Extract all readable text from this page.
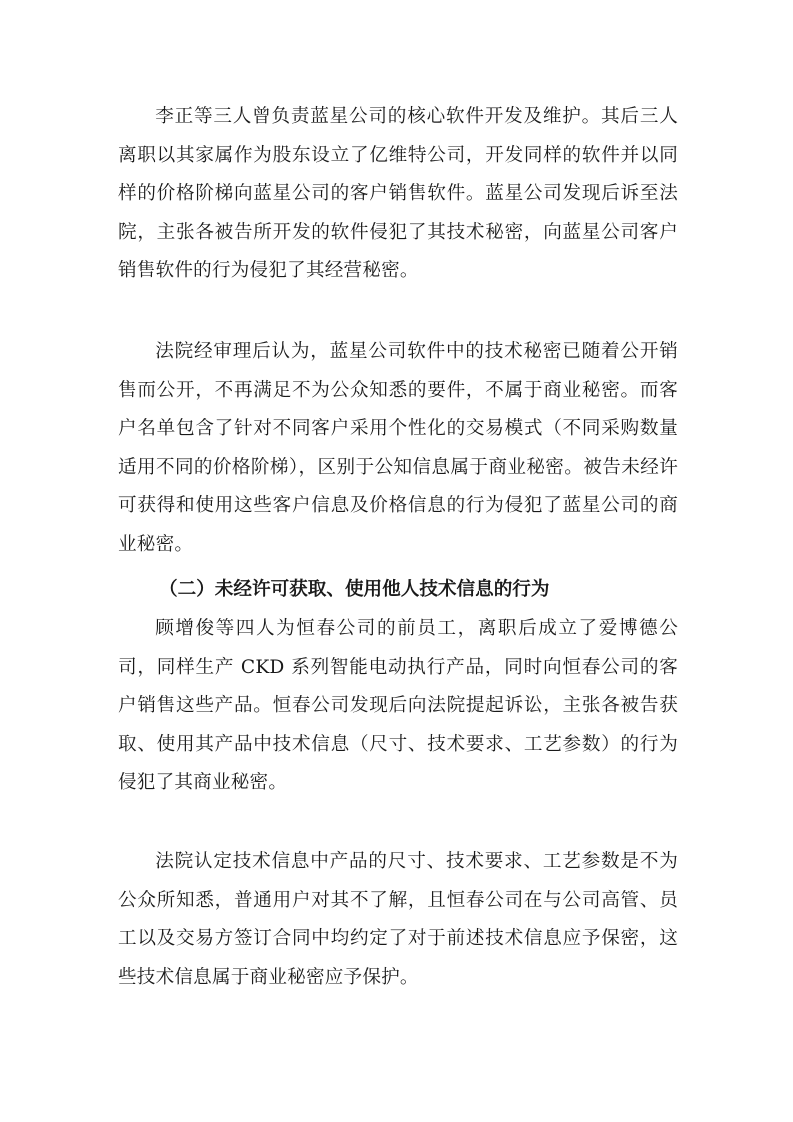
李正等三人曾负责蓝星公司的核心软件开发及维护。其后三人离职以其家属作为股东设立了亿维特公司，开发同样的软件并以同样的价格阶梯向蓝星公司的客户销售软件。蓝星公司发现后诉至法院，主张各被告所开发的软件侵犯了其技术秘密，向蓝星公司客户销售软件的行为侵犯了其经营秘密。

法院经审理后认为，蓝星公司软件中的技术秘密已随着公开销售而公开，不再满足不为公众知悉的要件，不属于商业秘密。而客户名单包含了针对不同客户采用个性化的交易模式（不同采购数量适用不同的价格阶梯），区别于公知信息属于商业秘密。被告未经许可获得和使用这些客户信息及价格信息的行为侵犯了蓝星公司的商业秘密。

（二）未经许可获取、使用他人技术信息的行为

顾增俊等四人为恒春公司的前员工，离职后成立了爱博德公司，同样生产 CKD 系列智能电动执行产品，同时向恒春公司的客户销售这些产品。恒春公司发现后向法院提起诉讼，主张各被告获取、使用其产品中技术信息（尺寸、技术要求、工艺参数）的行为侵犯了其商业秘密。

法院认定技术信息中产品的尺寸、技术要求、工艺参数是不为公众所知悉，普通用户对其不了解，且恒春公司在与公司高管、员工以及交易方签订合同中均约定了对于前述技术信息应予保密，这些技术信息属于商业秘密应予保护。
